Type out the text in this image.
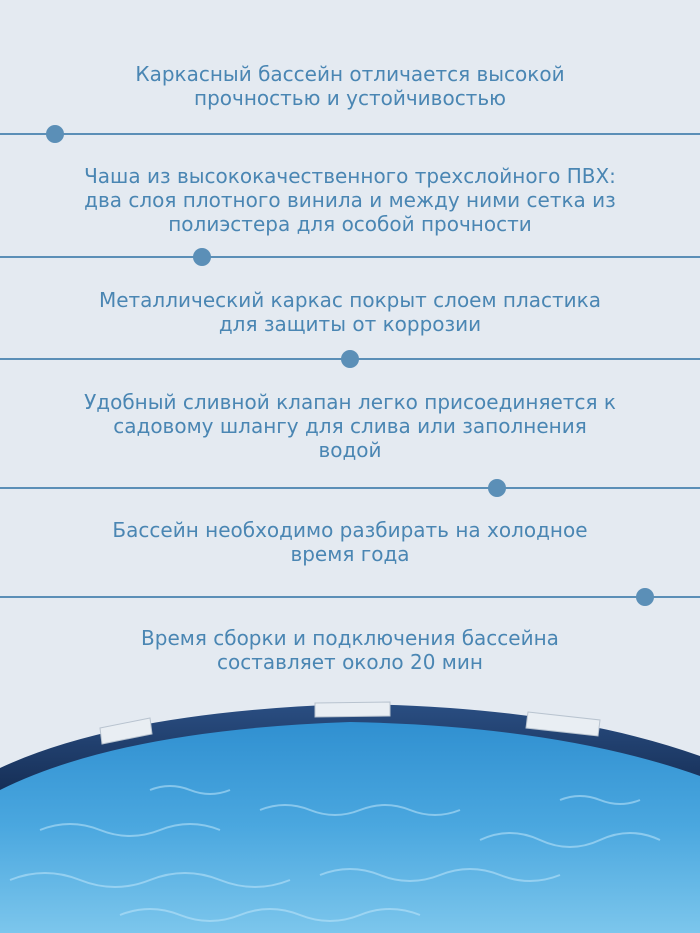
Каркасный бассейн отличается высокой
прочностью и устойчивостью
Чаша из высококачественного трехслойного ПВХ:
два слоя плотного винила и между ними сетка из
полиэстера для особой прочности
Металлический каркас покрыт слоем пластика
для защиты от коррозии
Удобный сливной клапан легко присоединяется к
садовому шлангу для слива или заполнения
водой
Бассейн необходимо разбирать на холодное
время года
Время сборки и подключения бассейна
составляет около 20 мин
